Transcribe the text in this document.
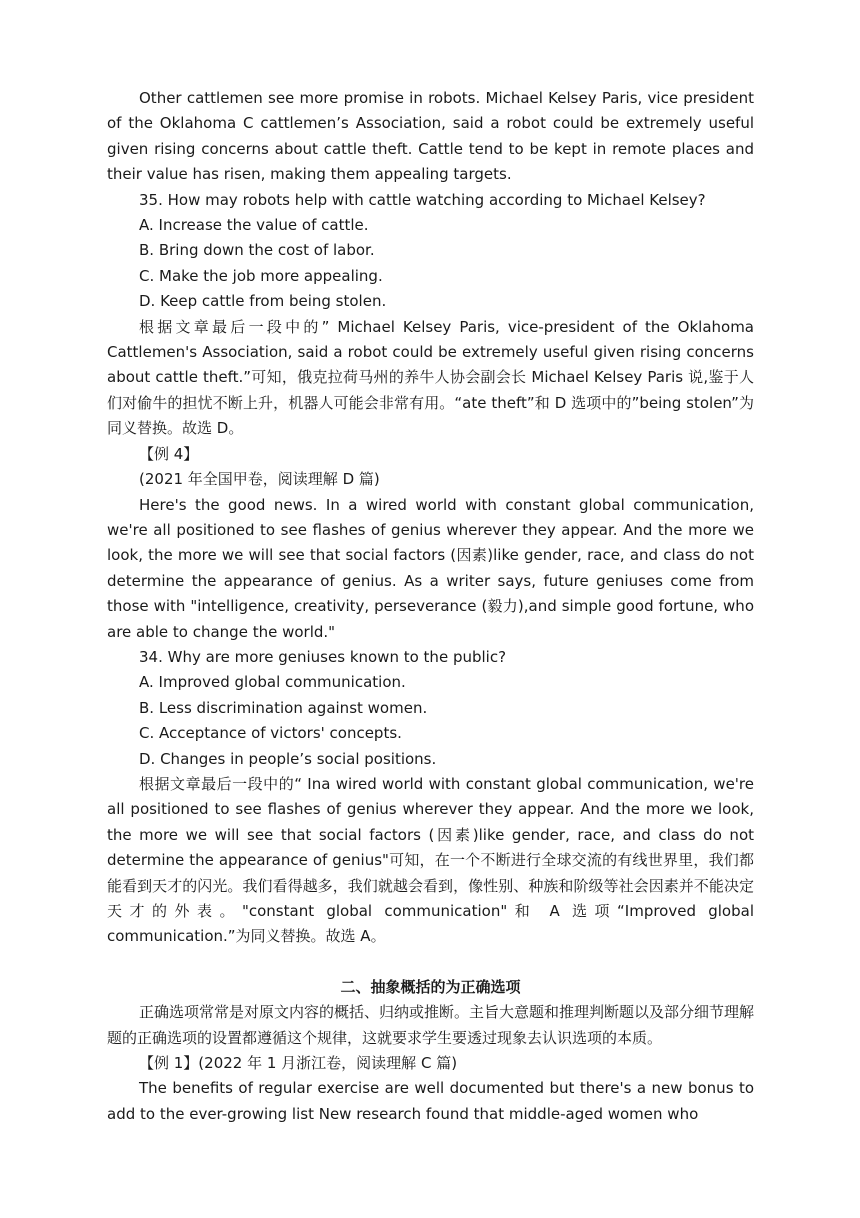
Other cattlemen see more promise in robots. Michael Kelsey Paris, vice president of the Oklahoma C cattlemen’s Association, said a robot could be extremely useful given rising concerns about cattle theft. Cattle tend to be kept in remote places and their value has risen, making them appealing targets.

35. How may robots help with cattle watching according to Michael Kelsey?

A. Increase the value of cattle.

B. Bring down the cost of labor.

C. Make the job more appealing.

D. Keep cattle from being stolen.

根据文章最后一段中的” Michael Kelsey Paris, vice-president of the Oklahoma Cattlemen's Association, said a robot could be extremely useful given rising concerns about cattle theft.”可知，俄克拉荷马州的养牛人协会副会长 Michael Kelsey Paris 说,鉴于人们对偷牛的担忧不断上升，机器人可能会非常有用。“ate theft”和 D 选项中的”being stolen”为同义替换。故选 D。

【例 4】

(2021 年全国甲卷，阅读理解 D 篇)

Here's the good news. In a wired world with constant global communication, we're all positioned to see flashes of genius wherever they appear. And the more we look, the more we will see that social factors (因素)like gender, race, and class do not determine the appearance of genius. As a writer says, future geniuses come from those with "intelligence, creativity, perseverance (毅力),and simple good fortune, who are able to change the world."

34. Why are more geniuses known to the public?

A. Improved global communication.

B. Less discrimination against women.

C. Acceptance of victors' concepts.

D. Changes in people’s social positions.

根据文章最后一段中的“ Ina wired world with constant global communication, we're all positioned to see flashes of genius wherever they appear. And the more we look, the more we will see that social factors (因素)like gender, race, and class do not determine the appearance of genius"可知，在一个不断进行全球交流的有线世界里，我们都能看到天才的闪光。我们看得越多，我们就越会看到，像性别、种族和阶级等社会因素并不能决定天才的外表。"constant global communication"和 A 选项“Improved global communication.”为同义替换。故选 A。

二、抽象概括的为正确选项

正确选项常常是对原文内容的概括、归纳或推断。主旨大意题和推理判断题以及部分细节理解题的正确选项的设置都遵循这个规律，这就要求学生要透过现象去认识选项的本质。

【例 1】(2022 年 1 月浙江卷，阅读理解 C 篇)

The benefits of regular exercise are well documented but there's a new bonus to add to the ever-growing list New research found that middle-aged women who
